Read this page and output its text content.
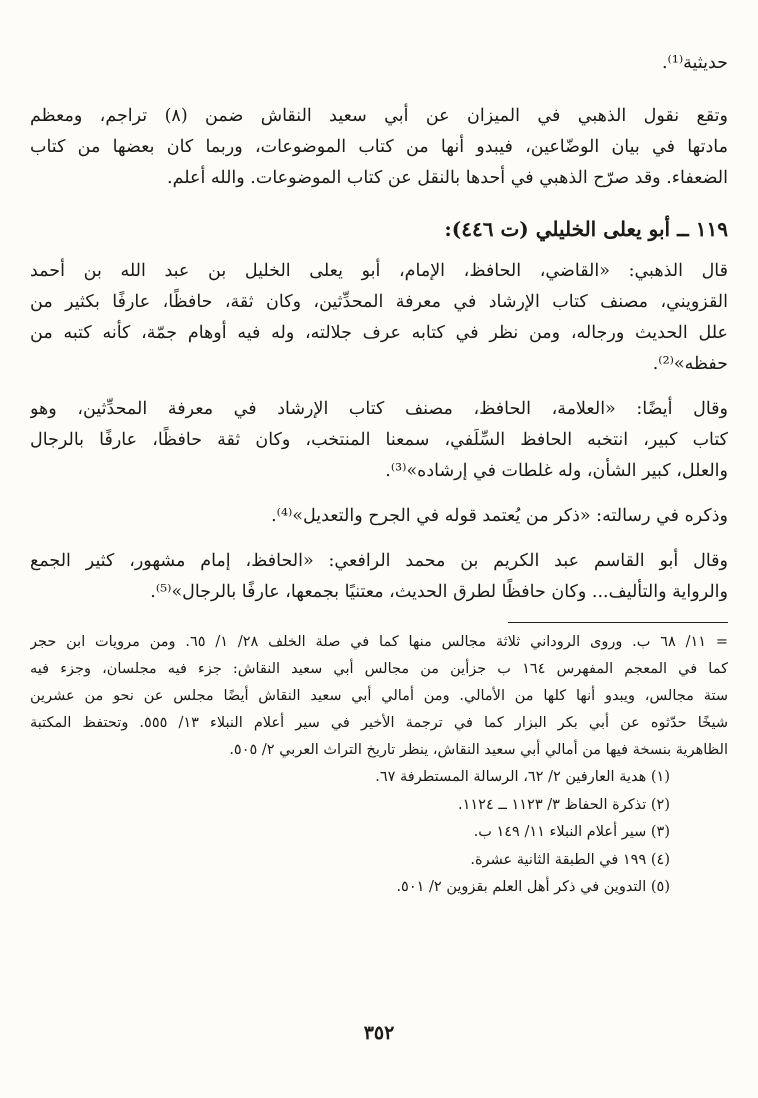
حديثية⁽¹⁾.
وتقع نقول الذهبي في الميزان عن أبي سعيد النقاش ضمن (٨) تراجم، ومعظم
مادتها في بيان الوضّاعين، فيبدو أنها من كتاب الموضوعات، وربما كان بعضها من كتاب
الضعفاء. وقد صرّح الذهبي في أحدها بالنقل عن كتاب الموضوعات. والله أعلم.
١١٩ ــ أبو يعلى الخليلي (ت ٤٤٦):
قال الذهبي: «القاضي، الحافظ، الإمام، أبو يعلى الخليل بن عبد الله بن أحمد
القزويني، مصنف كتاب الإرشاد في معرفة المحدِّثين، وكان ثقة، حافظًا، عارفًا بكثير من
علل الحديث ورجاله، ومن نظر في كتابه عرف جلالته، وله فيه أوهام جمّة، كأنه كتبه من
حفظه»⁽²⁾.
وقال أيضًا: «العلامة، الحافظ، مصنف كتاب الإرشاد في معرفة المحدِّثين، وهو
كتاب كبير، انتخبه الحافظ السِّلَفي، سمعنا المنتخب، وكان ثقة حافظًا، عارفًا بالرجال
والعلل، كبير الشأن، وله غلطات في إرشاده»⁽³⁾.
وذكره في رسالته: «ذكر من يُعتمد قوله في الجرح والتعديل»⁽⁴⁾.
وقال أبو القاسم عبد الكريم بن محمد الرافعي: «الحافظ، إمام مشهور، كثير الجمع
والرواية والتأليف... وكان حافظًا لطرق الحديث، معتنيًا بجمعها، عارفًا بالرجال»⁽⁵⁾.
= ١١/ ٦٨ ب. وروى الروداني ثلاثة مجالس منها كما في صلة الخلف ٢٨/ ١/ ٦٥. ومن مرويات ابن حجر
كما في المعجم المفهرس ١٦٤ ب جزأين من مجالس أبي سعيد النقاش: جزء فيه مجلسان، وجزء فيه
ستة مجالس، ويبدو أنها كلها من الأمالي. ومن أمالي أبي سعيد النقاش أيضًا مجلس عن نحو من عشرين
شيخًا حدّثوه عن أبي بكر البزار كما في ترجمة الأخير في سير أعلام النبلاء ١٣/ ٥٥٥. وتحتفظ المكتبة
الظاهرية بنسخة فيها من أمالي أبي سعيد النقاش، ينظر تاريخ التراث العربي ٢/ ٥٠٥.
(١) هدية العارفين ٢/ ٦٢، الرسالة المستطرفة ٦٧.
(٢) تذكرة الحفاظ ٣/ ١١٢٣ ــ ١١٢٤.
(٣) سير أعلام النبلاء ١١/ ١٤٩ ب.
(٤) ١٩٩ في الطبقة الثانية عشرة.
(٥) التدوين في ذكر أهل العلم بقزوين ٢/ ٥٠١.
٣٥٢
